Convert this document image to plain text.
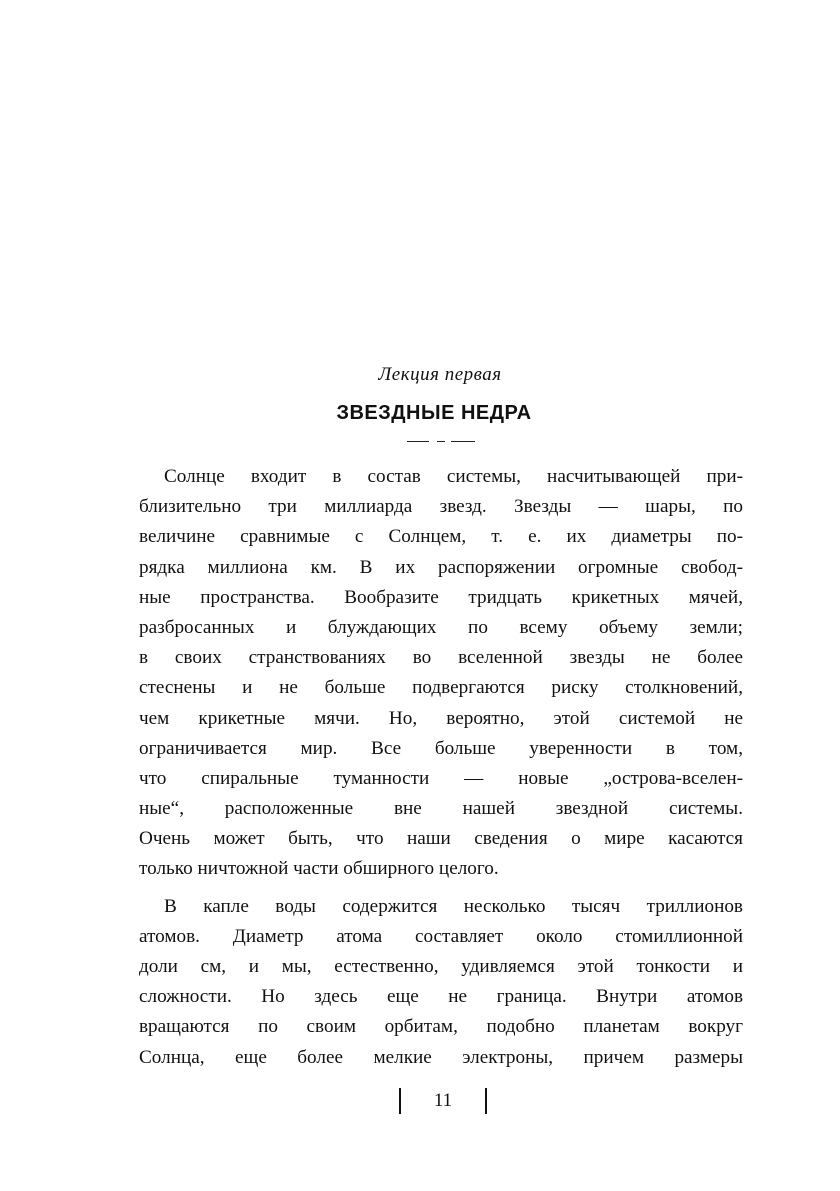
Лекция первая
ЗВЕЗДНЫЕ НЕДРА
Солнце входит в состав системы, насчитывающей при-
близительно три миллиарда звезд. Звезды — шары, по
величине сравнимые с Солнцем, т. е. их диаметры по-
рядка миллиона км. В их распоряжении огромные свобод-
ные пространства. Вообразите тридцать крикетных мячей,
разбросанных и блуждающих по всему объему земли;
в своих странствованиях во вселенной звезды не более
стеснены и не больше подвергаются риску столкновений,
чем крикетные мячи. Но, вероятно, этой системой не
ограничивается мир. Все больше уверенности в том,
что спиральные туманности — новые „острова-вселен-
ные“, расположенные вне нашей звездной системы.
Очень может быть, что наши сведения о мире касаются
только ничтожной части обширного целого.
В капле воды содержится несколько тысяч триллионов
атомов. Диаметр атома составляет около стомиллионной
доли см, и мы, естественно, удивляемся этой тонкости и
сложности. Но здесь еще не граница. Внутри атомов
вращаются по своим орбитам, подобно планетам вокруг
Солнца, еще более мелкие электроны, причем размеры
11
